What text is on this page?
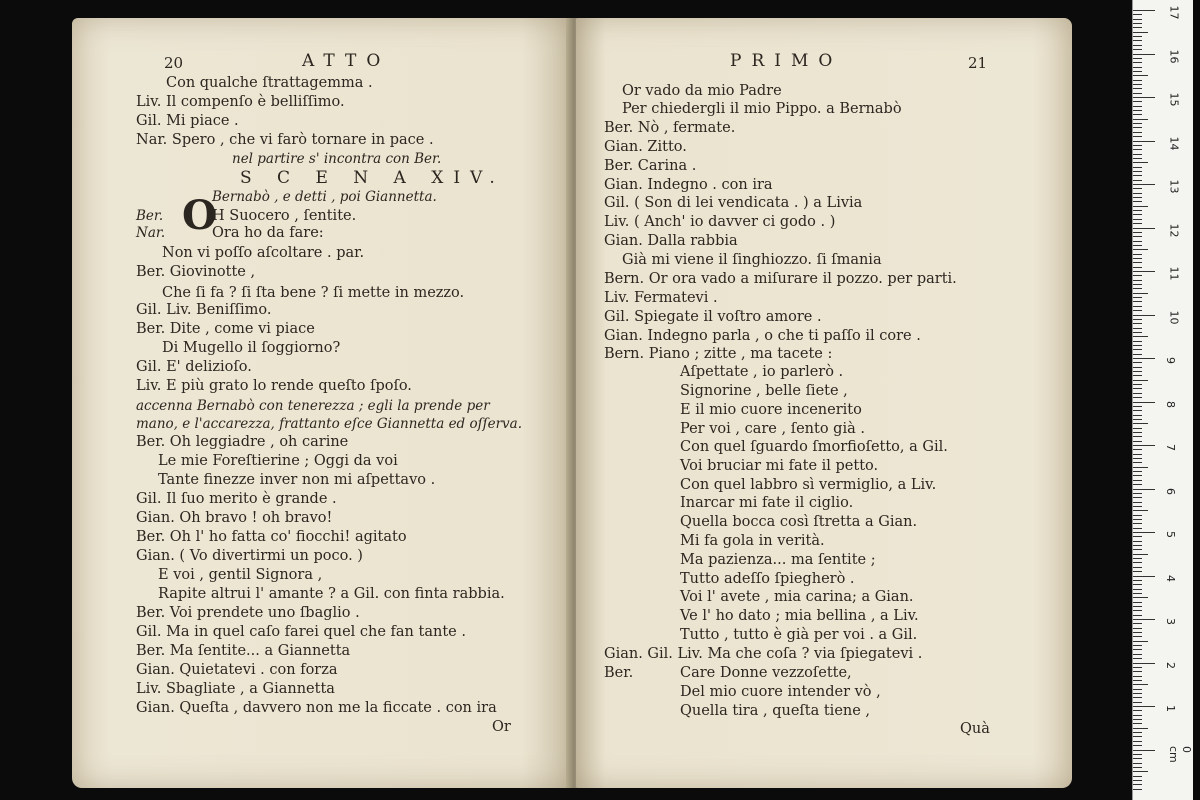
20	ATTO
O
Con qualche ſtrattagemma .
Liv. Il compenſo è belliſſimo.
Gil. Mi piace .
Nar. Spero , che vi farò tornare in pace .
nel partire s' incontra con Ber.
S C E N A XIV.
Bernabò , e detti , poi Giannetta.
Ber.	H Suocero , ſentite.
Nar.	Ora ho da fare:
Non vi poſſo aſcoltare . par.
Ber. Giovinotte ,
Che ſi fa ? ſi ſta bene ? ſi mette in mezzo.
Gil. Liv. Beniſſimo.
Ber. Dite , come vi piace
Di Mugello il ſoggiorno?
Gil. E' delizioſo.
Liv. E più grato lo rende queſto ſpoſo.
accenna Bernabò con tenerezza ; egli la prende per
mano, e l'accarezza, frattanto eſce Giannetta ed oſſerva.
Ber. Oh leggiadre , oh carine
Le mie Foreſtierine ; Oggi da voi
Tante finezze inver non mi aſpettavo .
Gil. Il ſuo merito è grande .
Gian. Oh bravo ! oh bravo!
Ber. Oh l' ho fatta co' fiocchi! agitato
Gian. ( Vo divertirmi un poco. )
E voi , gentil Signora ,
Rapite altrui l' amante ? a Gil. con finta rabbia.
Ber. Voi prendete uno ſbaglio .
Gil. Ma in quel caſo farei quel che fan tante .
Ber. Ma ſentite... a Giannetta
Gian. Quietatevi . con forza
Liv. Sbagliate , a Giannetta
Gian. Queſta , davvero non me la ficcate . con ira
Or
PRIMO	21
Or vado da mio Padre
Per chiedergli il mio Pippo. a Bernabò
Ber. Nò , fermate.
Gian. Zitto.
Ber. Carina .
Gian. Indegno . con ira
Gil. ( Son di lei vendicata . ) a Livia
Liv. ( Anch' io davver ci godo . )
Gian. Dalla rabbia
Già mi viene il ſinghiozzo. ſi ſmania
Bern. Or ora vado a miſurare il pozzo. per parti.
Liv. Fermatevi .
Gil. Spiegate il voſtro amore .
Gian. Indegno parla , o che ti paſſo il core .
Bern. Piano ; zitte , ma tacete :
Aſpettate , io parlerò .
Signorine , belle ſiete ,
E il mio cuore incenerito
Per voi , care , ſento già .
Con quel ſguardo ſmorfioſetto, a Gil.
Voi bruciar mi fate il petto.
Con quel labbro sì vermiglio, a Liv.
Inarcar mi fate il ciglio.
Quella bocca così ſtretta a Gian.
Mi fa gola in verità.
Ma pazienza... ma ſentite ;
Tutto adeſſo ſpiegherò .
Voi l' avete , mia carina; a Gian.
Ve l' ho dato ; mia bellina , a Liv.
Tutto , tutto è già per voi . a Gil.
Gian. Gil. Liv. Ma che coſa ? via ſpiegatevi .
Ber.	Care Donne vezzoſette,
Del mio cuore intender vò ,
Quella tira , queſta tiene ,
Quà
17
16
15
14
13
12
11
10
9
8
7
6
5
4
3
2
1
0 cm
